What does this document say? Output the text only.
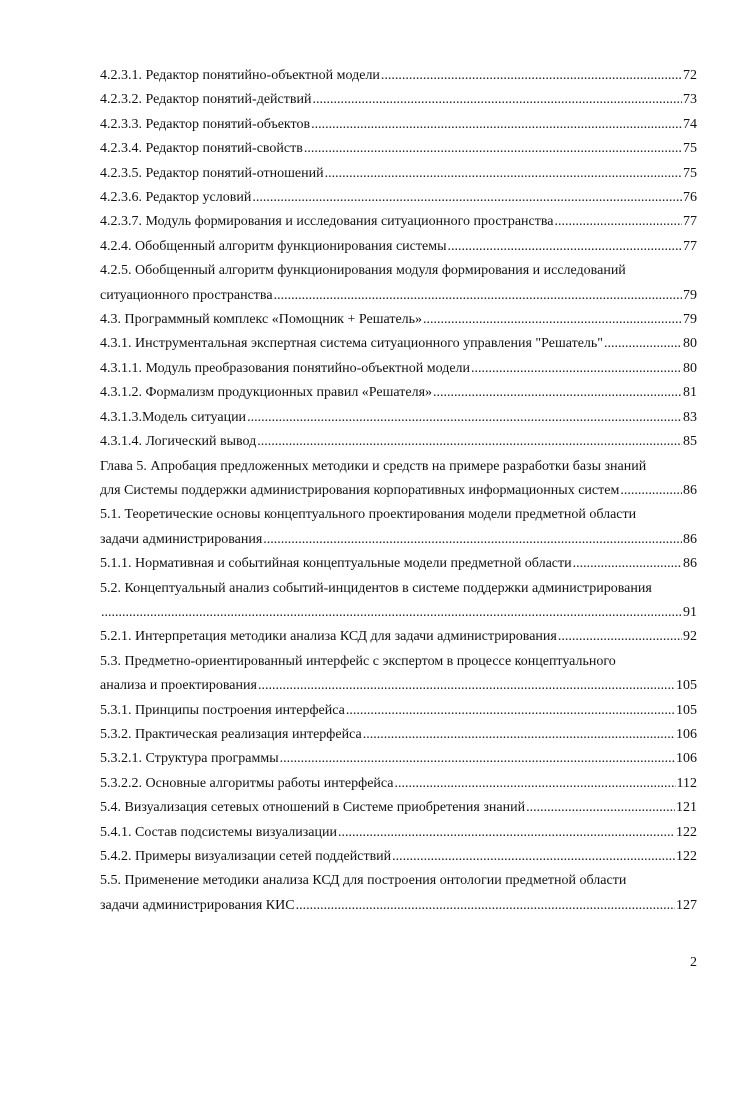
4.2.3.1. Редактор понятийно-объектной модели .....	72
4.2.3.2. Редактор понятий-действий .....	73
4.2.3.3. Редактор понятий-объектов .....	74
4.2.3.4. Редактор понятий-свойств .....	75
4.2.3.5. Редактор понятий-отношений .....	75
4.2.3.6. Редактор условий .....	76
4.2.3.7. Модуль формирования и исследования ситуационного пространства .....	77
4.2.4. Обобщенный алгоритм функционирования системы .....	77
4.2.5. Обобщенный алгоритм функционирования модуля формирования и исследований
ситуационного пространства .....	79
4.3. Программный комплекс «Помощник + Решатель» .....	79
4.3.1. Инструментальная экспертная система ситуационного управления "Решатель" .....	80
4.3.1.1. Модуль преобразования понятийно-объектной модели .....	80
4.3.1.2. Формализм продукционных правил «Решателя» .....	81
4.3.1.3.Модель ситуации .....	83
4.3.1.4. Логический вывод .....	85
Глава 5. Апробация предложенных методики и средств на примере разработки базы знаний
для Системы поддержки администрирования корпоративных информационных систем .....	86
5.1. Теоретические основы концептуального проектирования модели предметной области
задачи администрирования .....	86
5.1.1. Нормативная и событийная концептуальные модели предметной области .....	86
5.2. Концептуальный анализ событий-инцидентов в системе поддержки администрирования
.....
91
5.2.1. Интерпретация методики анализа КСД для задачи администрирования .....	92
5.3. Предметно-ориентированный интерфейс с экспертом в процессе концептуального
анализа и проектирования .....	105
5.3.1. Принципы построения интерфейса .....	105
5.3.2. Практическая реализация интерфейса .....	106
5.3.2.1. Структура программы .....	106
5.3.2.2. Основные алгоритмы работы интерфейса .....	112
5.4. Визуализация сетевых отношений в Системе приобретения знаний .....	121
5.4.1. Состав подсистемы визуализации .....	122
5.4.2. Примеры визуализации сетей поддействий .....	122
5.5. Применение методики анализа КСД для построения онтологии предметной области
задачи администрирования КИС .....	127
2
